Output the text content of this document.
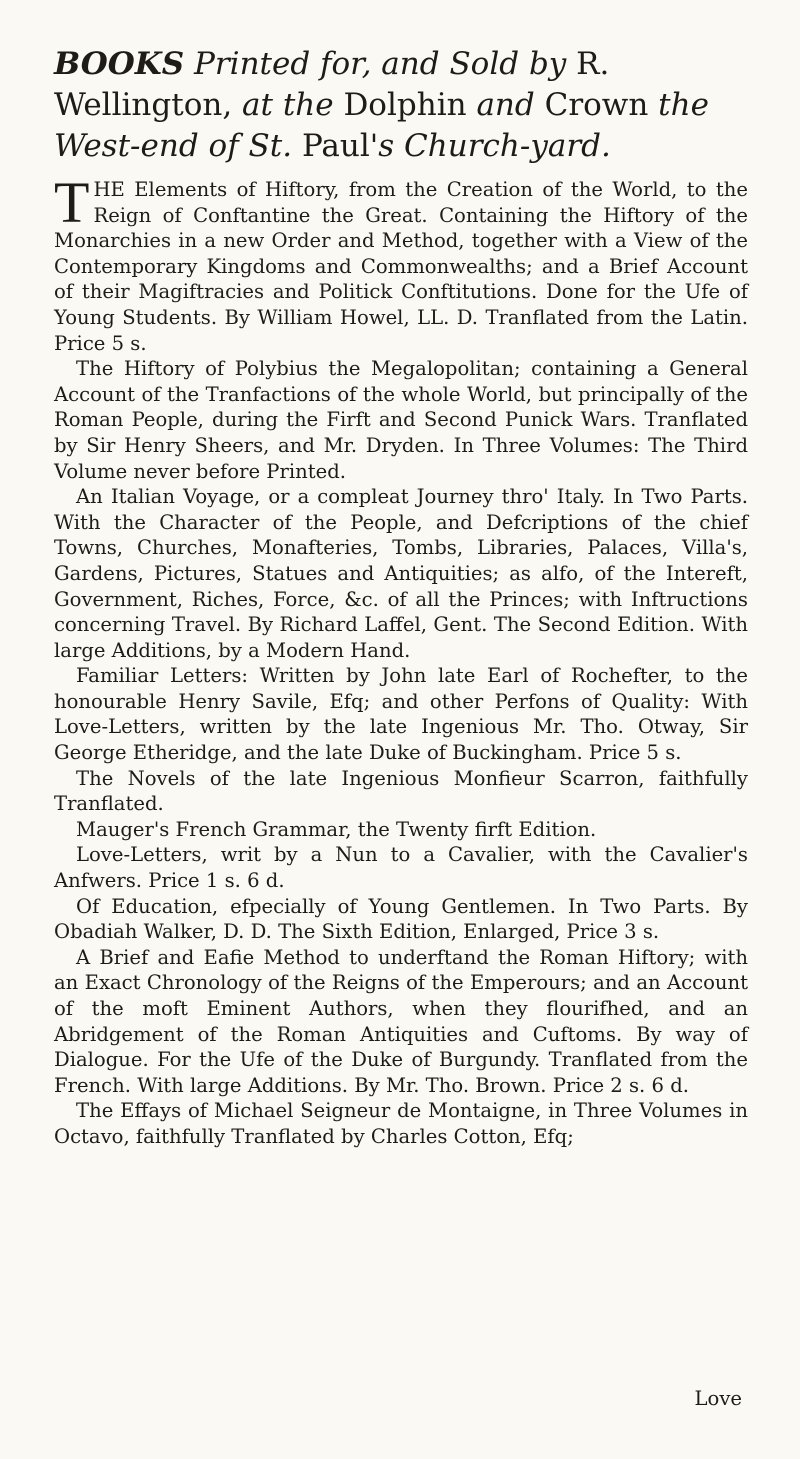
BOOKS Printed for, and Sold by R. Wellington, at the Dolphin and Crown the West-end of St. Paul's Church-yard.

THE Elements of Hiftory, from the Creation of the World, to the Reign of Conftantine the Great. Containing the Hiftory of the Monarchies in a new Order and Method, together with a View of the Contemporary Kingdoms and Commonwealths; and a Brief Account of their Magiftracies and Politick Conftitutions. Done for the Ufe of Young Students. By William Howel, LL. D. Tranflated from the Latin. Price 5 s.

The Hiftory of Polybius the Megalopolitan; containing a General Account of the Tranfactions of the whole World, but principally of the Roman People, during the Firft and Second Punick Wars. Tranflated by Sir Henry Sheers, and Mr. Dryden. In Three Volumes: The Third Volume never before Printed.

An Italian Voyage, or a compleat Journey thro' Italy. In Two Parts. With the Character of the People, and Defcriptions of the chief Towns, Churches, Monafteries, Tombs, Libraries, Palaces, Villa's, Gardens, Pictures, Statues and Antiquities; as alfo, of the Intereft, Government, Riches, Force, &c. of all the Princes; with Inftructions concerning Travel. By Richard Laffel, Gent. The Second Edition. With large Additions, by a Modern Hand.

Familiar Letters: Written by John late Earl of Rochefter, to the honourable Henry Savile, Efq; and other Perfons of Quality: With Love-Letters, written by the late Ingenious Mr. Tho. Otway, Sir George Etheridge, and the late Duke of Buckingham. Price 5 s.

The Novels of the late Ingenious Monfieur Scarron, faithfully Tranflated.

Mauger's French Grammar, the Twenty firft Edition.

Love-Letters, writ by a Nun to a Cavalier, with the Cavalier's Anfwers. Price 1 s. 6 d.

Of Education, efpecially of Young Gentlemen. In Two Parts. By Obadiah Walker, D. D. The Sixth Edition, Enlarged, Price 3 s.

A Brief and Eafie Method to underftand the Roman Hiftory; with an Exact Chronology of the Reigns of the Emperours; and an Account of the moft Eminent Authors, when they flourifhed, and an Abridgement of the Roman Antiquities and Cuftoms. By way of Dialogue. For the Ufe of the Duke of Burgundy. Tranflated from the French. With large Additions. By Mr. Tho. Brown. Price 2 s. 6 d.

The Effays of Michael Seigneur de Montaigne, in Three Volumes in Octavo, faithfully Tranflated by Charles Cotton, Efq;

Love
